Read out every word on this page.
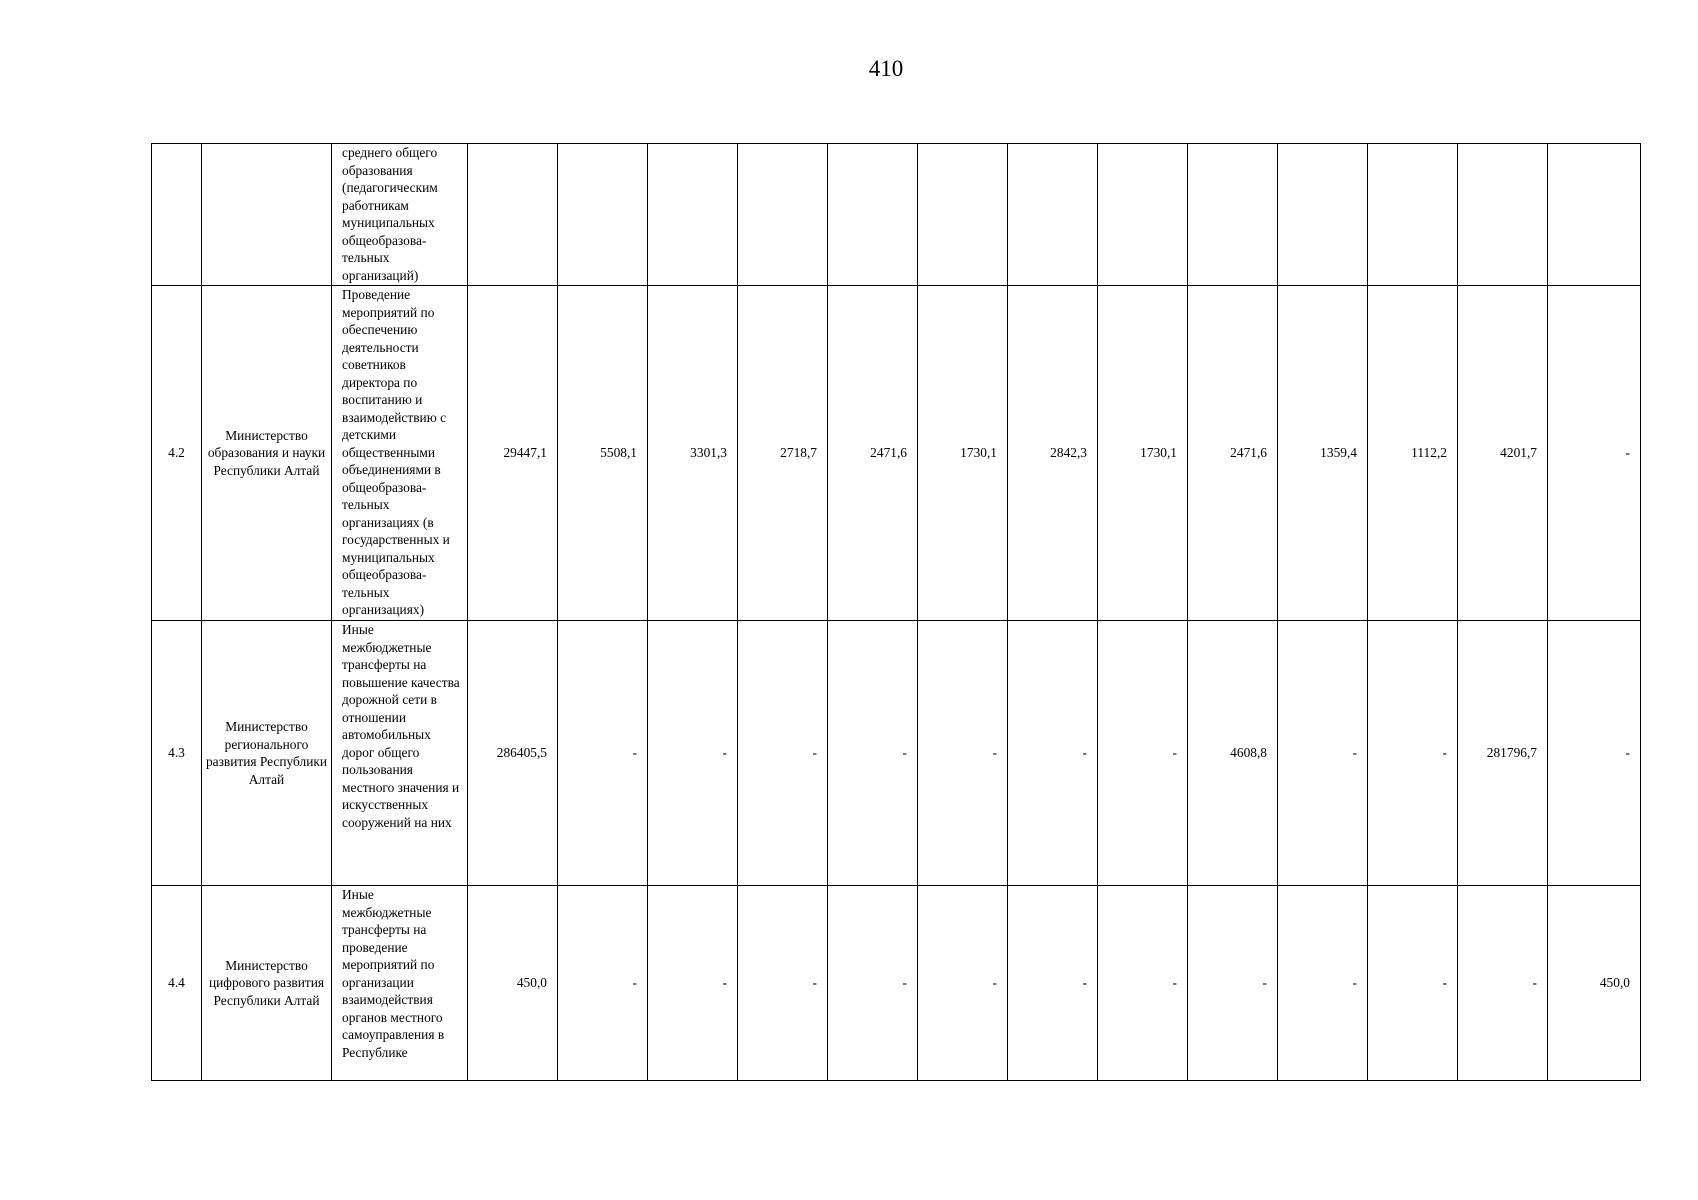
410
		среднего общего образования (педагогическим работникам муниципальных общеобразова-тельных организаций)													
4.2	Министерство образования и науки Республики Алтай	Проведение мероприятий по обеспечению деятельности советников директора по воспитанию и взаимодействию с детскими общественными объединениями в общеобразова-тельных организациях (в государственных и муниципальных общеобразова-тельных организациях)	29447,1	5508,1	3301,3	2718,7	2471,6	1730,1	2842,3	1730,1	2471,6	1359,4	1112,2	4201,7	-
4.3	Министерство регионального развития Республики Алтай	Иные межбюджетные трансферты на повышение качества дорожной сети в отношении автомобильных дорог общего пользования местного значения и искусственных сооружений на них	286405,5	-	-	-	-	-	-	-	4608,8	-	-	281796,7	-
4.4	Министерство цифрового развития Республики Алтай	Иные межбюджетные трансферты на проведение мероприятий по организации взаимодействия органов местного самоуправления в Республике	450,0	-	-	-	-	-	-	-	-	-	-	-	450,0
